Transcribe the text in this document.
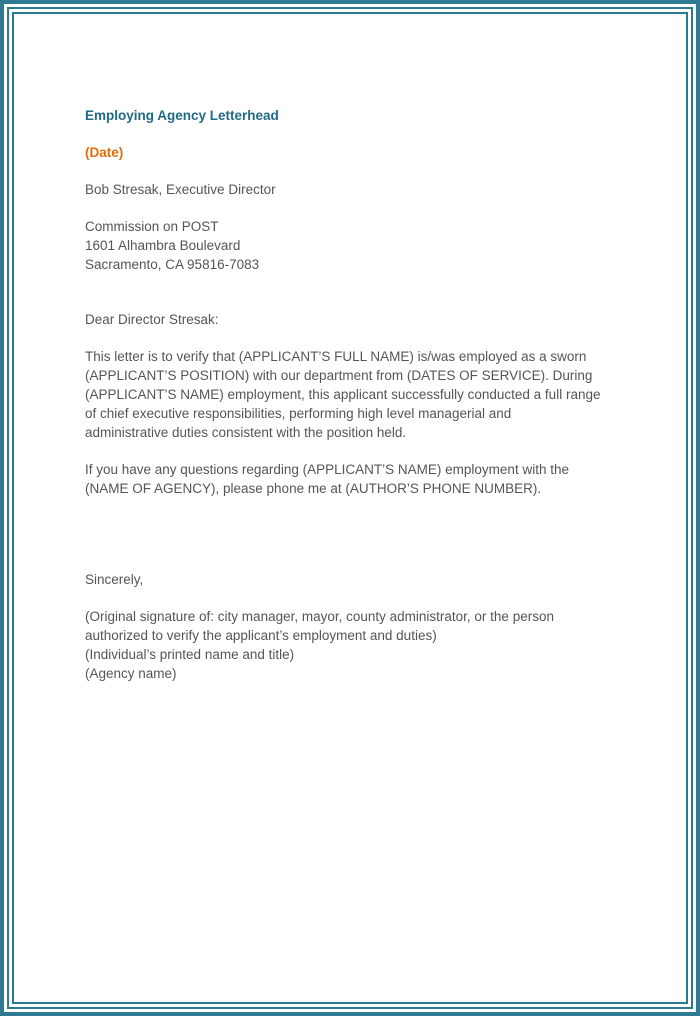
Employing Agency Letterhead

(Date)

Bob Stresak, Executive Director

Commission on POST
1601 Alhambra Boulevard
Sacramento, CA 95816-7083

Dear Director Stresak:

This letter is to verify that (APPLICANT’S FULL NAME) is/was employed as a sworn
(APPLICANT’S POSITION) with our department from (DATES OF SERVICE). During
(APPLICANT’S NAME) employment, this applicant successfully conducted a full range
of chief executive responsibilities, performing high level managerial and
administrative duties consistent with the position held.
If you have any questions regarding (APPLICANT’S NAME) employment with the
(NAME OF AGENCY), please phone me at (AUTHOR’S PHONE NUMBER).

Sincerely,

(Original signature of: city manager, mayor, county administrator, or the person
authorized to verify the applicant’s employment and duties)
(Individual’s printed name and title)
(Agency name)
